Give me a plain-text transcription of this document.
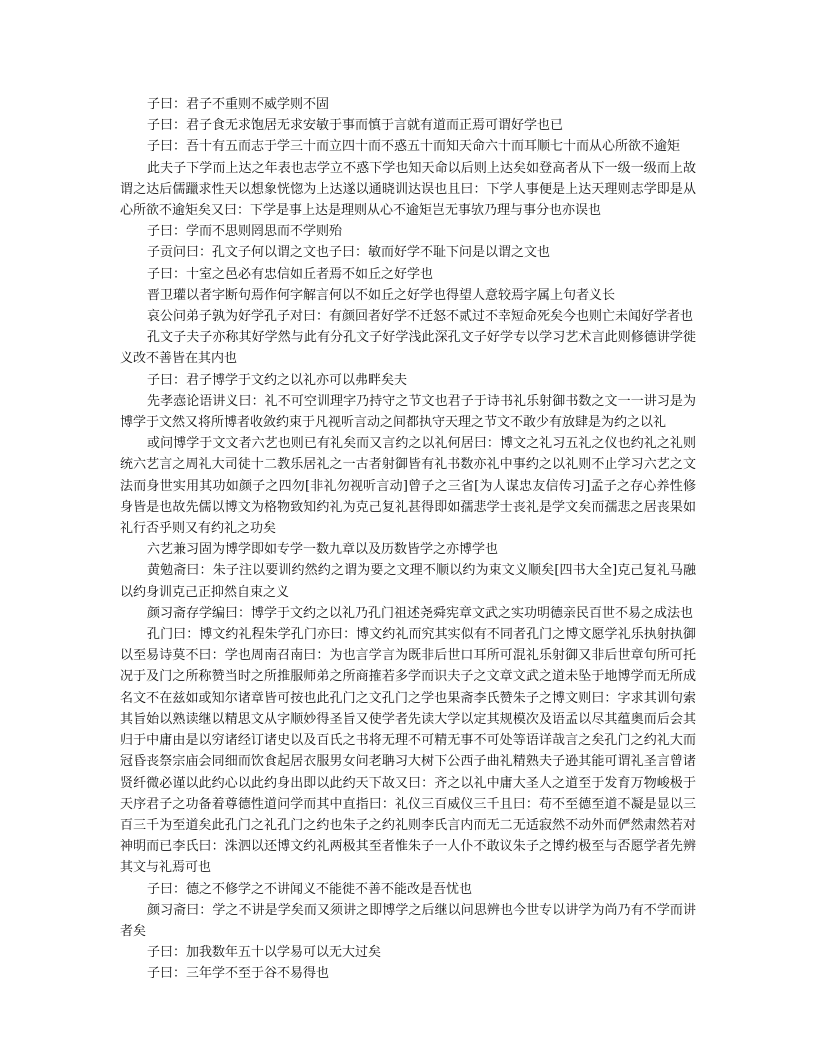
子曰：君子不重则不威学则不固

子曰：君子食无求饱居无求安敏于事而慎于言就有道而正焉可谓好学也已

子曰：吾十有五而志于学三十而立四十而不惑五十而知天命六十而耳顺七十而从心所欲不逾矩

此夫子下学而上达之年表也志学立不惑下学也知天命以后则上达矣如登高者从下一级一级而上故谓之达后儒躐求性天以想象恍惚为上达遂以通晓训达误也且曰：下学人事便是上达天理则志学即是从心所欲不逾矩矣又曰：下学是事上达是理则从心不逾矩岂无事欤乃理与事分也亦误也

子曰：学而不思则罔思而不学则殆

子贡问曰：孔文子何以谓之文也子曰：敏而好学不耻下问是以谓之文也

子曰：十室之邑必有忠信如丘者焉不如丘之好学也

晋卫瓘以者字断句焉作何字解言何以不如丘之好学也得望人意较焉字属上句者义长

哀公问弟子孰为好学孔子对曰：有颜回者好学不迁怒不贰过不幸短命死矣今也则亡未闻好学者也

孔文子夫子亦称其好学然与此有分孔文子好学浅此深孔文子好学专以学习艺术言此则修德讲学徙义改不善皆在其内也

子曰：君子博学于文约之以礼亦可以弗畔矣夫

先孝悫论语讲义曰：礼不可空训理字乃持守之节文也君子于诗书礼乐射御书数之文一一讲习是为博学于文然又将所博者收敛约束于凡视听言动之间都执守天理之节文不敢少有放肆是为约之以礼

或问博学于文文者六艺也则已有礼矣而又言约之以礼何居曰：博文之礼习五礼之仪也约礼之礼则统六艺言之周礼大司徒十二教乐居礼之一古者射御皆有礼书数亦礼中事约之以礼则不止学习六艺之文法而身世实用其功如颜子之四勿[非礼勿视听言动]曾子之三省[为人谋忠友信传习]孟子之存心养性修身皆是也故先儒以博文为格物致知约礼为克己复礼甚得即如孺悲学士丧礼是学文矣而孺悲之居丧果如礼行否乎则又有约礼之功矣

六艺兼习固为博学即如专学一数九章以及历数皆学之亦博学也

黄勉斋曰：朱子注以要训约然约之谓为要之文理不顺以约为束文义顺矣[四书大全]克己复礼马融以约身训克己正抑然自束之义

颜习斋存学编曰：博学于文约之以礼乃孔门祖述尧舜宪章文武之实功明德亲民百世不易之成法也

孔门曰：博文约礼程朱学孔门亦曰：博文约礼而究其实似有不同者孔门之博文愿学礼乐执射执御以至易诗莫不曰：学也周南召南曰：为也言学言为既非后世口耳所可混礼乐射御又非后世章句所可托况于及门之所称赞当时之所推服师弟之所商搉若多学而识夫子之文章文武之道未坠于地博学而无所成名文不在兹如或知尔诸章皆可按也此孔门之文孔门之学也果斋李氏赞朱子之博文则曰：字求其训句索其旨始以熟读继以精思文从字顺妙得圣旨又使学者先读大学以定其规模次及语孟以尽其蕴奥而后会其归于中庸由是以穷诸经订诸史以及百氏之书将无理不可精无事不可处等语详哉言之矣孔门之约礼大而冠昏丧祭宗庙会同细而饮食起居衣服男女问老聃习大树下公西子曲礼精熟夫子逊其能可谓礼圣言曾诸贤纤微必谨以此约心以此约身出即以此约天下故又曰：齐之以礼中庸大圣人之道至于发育万物峻极于天序君子之功备着尊德性道问学而其中直指曰：礼仪三百威仪三千且曰：苟不至德至道不凝是显以三百三千为至道矣此孔门之礼孔门之约也朱子之约礼则李氏言内而无二无适寂然不动外而俨然肃然若对神明而已李氏曰：洙泗以还博文约礼两极其至者惟朱子一人仆不敢议朱子之博约极至与否愿学者先辨其文与礼焉可也

子曰：德之不修学之不讲闻义不能徙不善不能改是吾忧也

颜习斋曰：学之不讲是学矣而又须讲之即博学之后继以问思辨也今世专以讲学为尚乃有不学而讲者矣

子曰：加我数年五十以学易可以无大过矣

子曰：三年学不至于谷不易得也
